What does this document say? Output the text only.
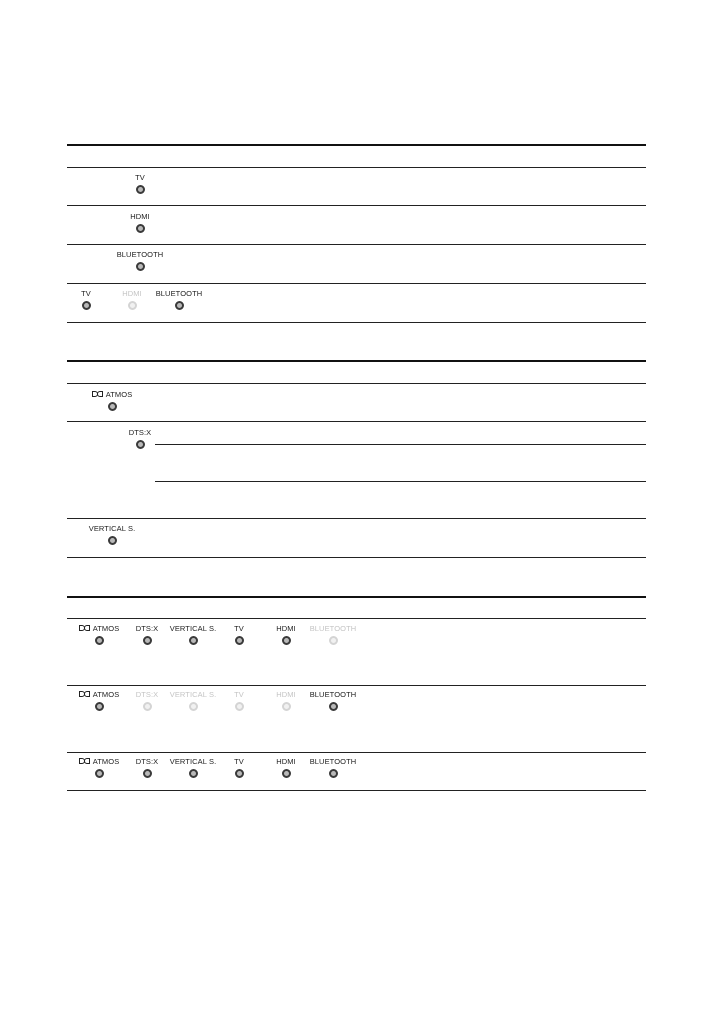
TV
HDMI
BLUETOOTH
TV	HDMI	BLUETOOTH
ATMOS
DTS:X
VERTICAL S.
ATMOS	DTS:X	VERTICAL S.	TV	HDMI	BLUETOOTH
ATMOS	DTS:X	VERTICAL S.	TV	HDMI	BLUETOOTH
ATMOS	DTS:X	VERTICAL S.	TV	HDMI	BLUETOOTH
